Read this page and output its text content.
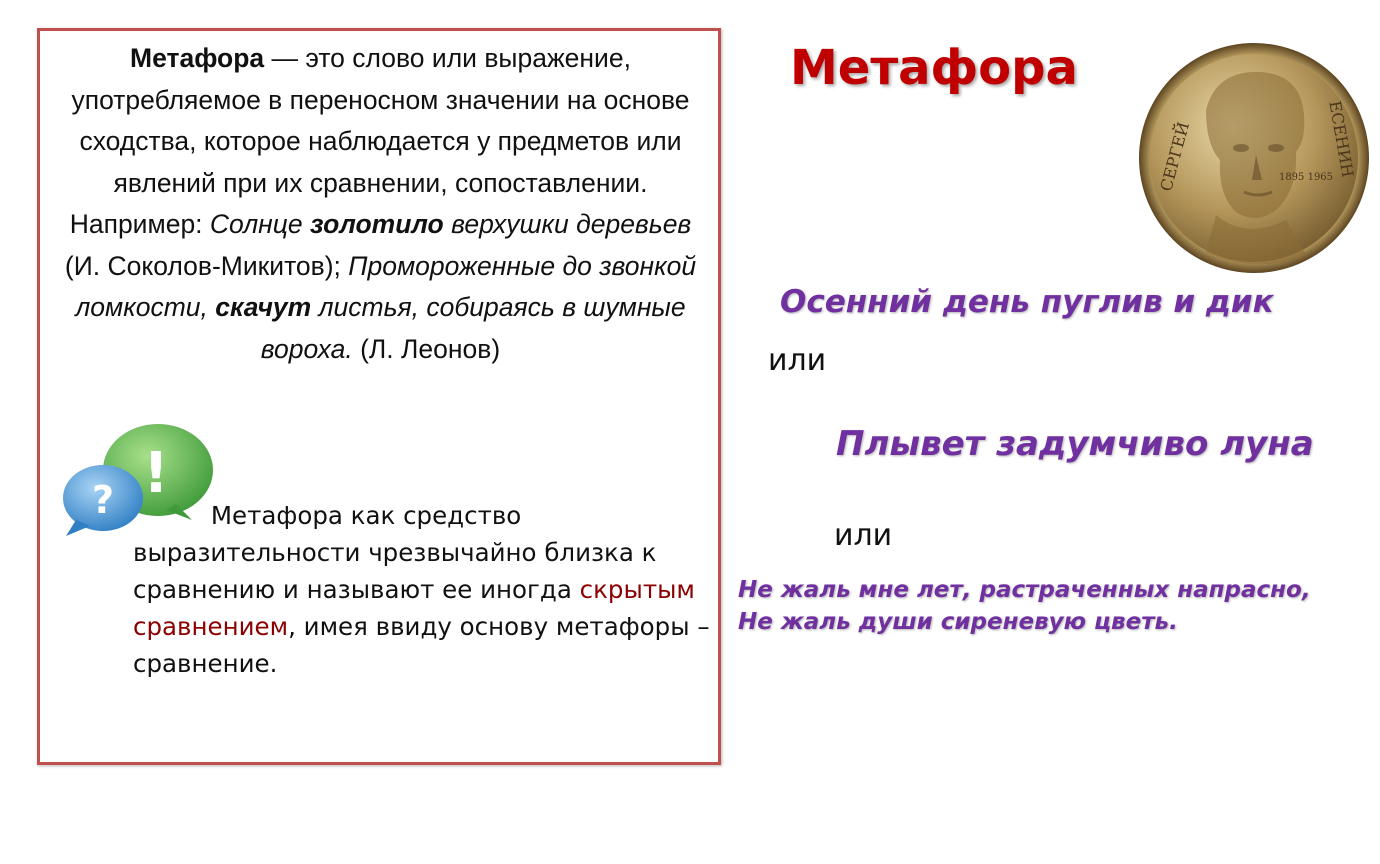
Метафора — это слово или выражение, употребляемое в переносном значении на основе сходства, которое наблюдается у предметов или явлений при их сравнении, сопоставлении. Например: Солнце золотило верхушки деревьев (И. Соколов-Микитов); Промороженные до звонкой ломкости, скачут листья, собираясь в шумные вороха. (Л. Леонов)
!
?	Метафора как средство выразительности чрезвычайно близка к сравнению и называют ее иногда скрытым сравнением, имея ввиду основу метафоры – сравнение.
Метафора
СЕРГЕЙ	ЕСЕНИН
1895 1965
Осенний день пуглив и дик
или
Плывет задумчиво луна
или
Не жаль мне лет, растраченных напрасно,
Не жаль души сиреневую цветь.
